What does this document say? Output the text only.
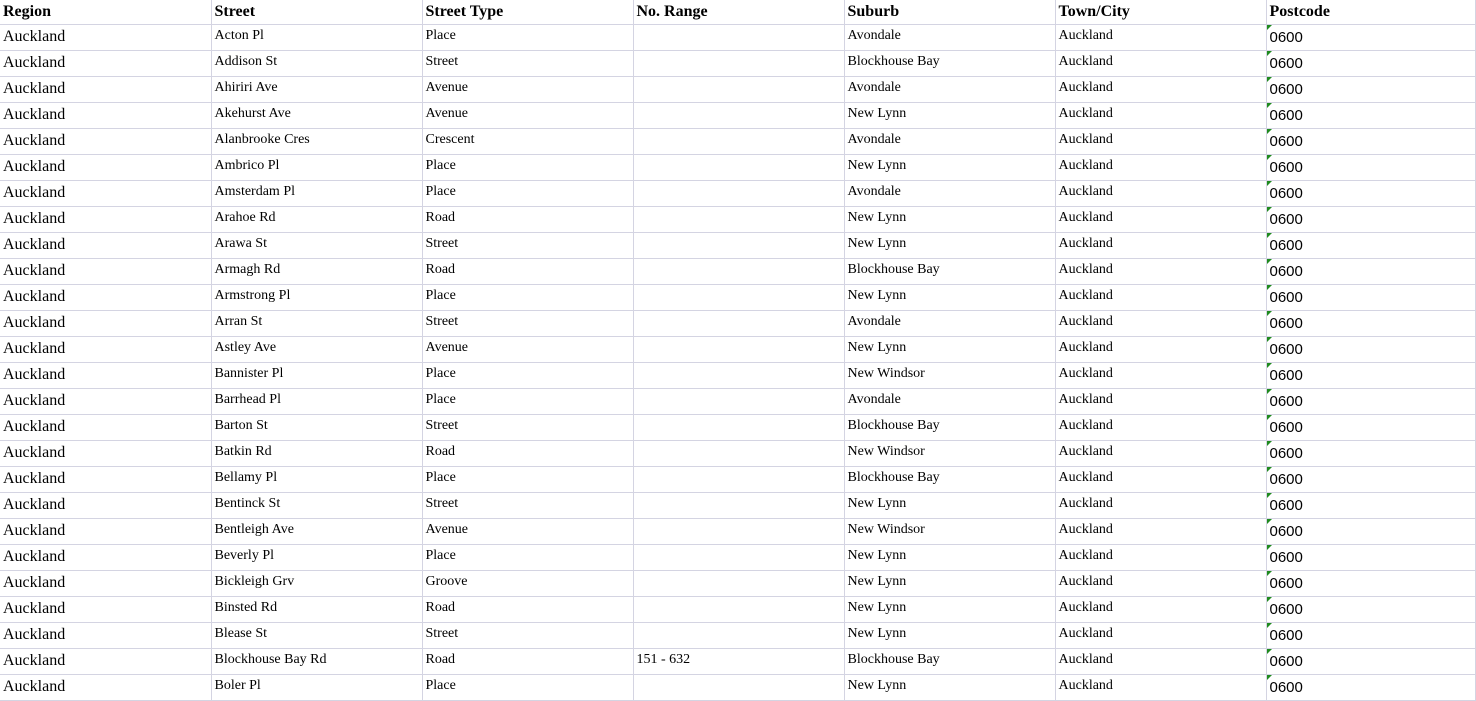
Region	Street	Street Type	No. Range	Suburb	Town/City	Postcode
Auckland	Acton Pl	Place		Avondale	Auckland	0600
Auckland	Addison St	Street		Blockhouse Bay	Auckland	0600
Auckland	Ahiriri Ave	Avenue		Avondale	Auckland	0600
Auckland	Akehurst Ave	Avenue		New Lynn	Auckland	0600
Auckland	Alanbrooke Cres	Crescent		Avondale	Auckland	0600
Auckland	Ambrico Pl	Place		New Lynn	Auckland	0600
Auckland	Amsterdam Pl	Place		Avondale	Auckland	0600
Auckland	Arahoe Rd	Road		New Lynn	Auckland	0600
Auckland	Arawa St	Street		New Lynn	Auckland	0600
Auckland	Armagh Rd	Road		Blockhouse Bay	Auckland	0600
Auckland	Armstrong Pl	Place		New Lynn	Auckland	0600
Auckland	Arran St	Street		Avondale	Auckland	0600
Auckland	Astley Ave	Avenue		New Lynn	Auckland	0600
Auckland	Bannister Pl	Place		New Windsor	Auckland	0600
Auckland	Barrhead Pl	Place		Avondale	Auckland	0600
Auckland	Barton St	Street		Blockhouse Bay	Auckland	0600
Auckland	Batkin Rd	Road		New Windsor	Auckland	0600
Auckland	Bellamy Pl	Place		Blockhouse Bay	Auckland	0600
Auckland	Bentinck St	Street		New Lynn	Auckland	0600
Auckland	Bentleigh Ave	Avenue		New Windsor	Auckland	0600
Auckland	Beverly Pl	Place		New Lynn	Auckland	0600
Auckland	Bickleigh Grv	Groove		New Lynn	Auckland	0600
Auckland	Binsted Rd	Road		New Lynn	Auckland	0600
Auckland	Blease St	Street		New Lynn	Auckland	0600
Auckland	Blockhouse Bay Rd	Road	151 - 632	Blockhouse Bay	Auckland	0600
Auckland	Boler Pl	Place		New Lynn	Auckland	0600
